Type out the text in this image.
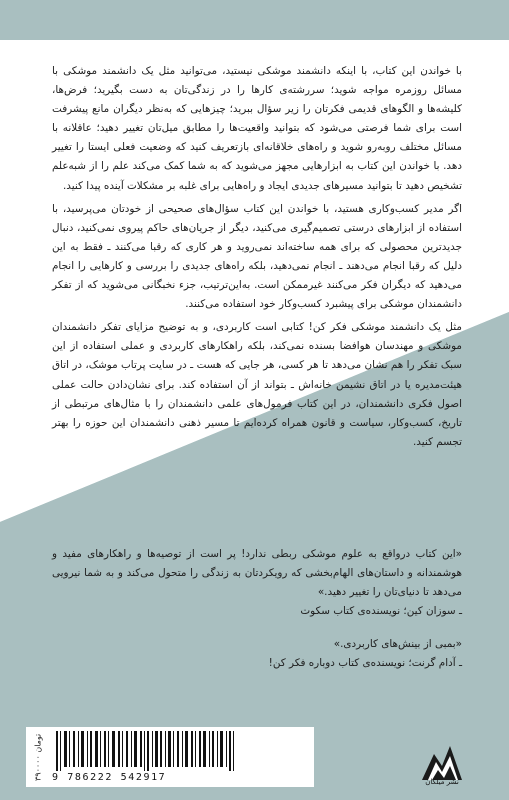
با خواندن این کتاب، با اینکه دانشمند موشکی نیستید، می‌توانید مثل یک دانشمند موشکی با مسائل روزمره مواجه شوید؛ سررشته‌ی کارها را در زندگی‌تان به دست بگیرید؛ فرض‌ها، کلیشه‌ها و الگوهای قدیمی فکرتان را زیر سؤال ببرید؛ چیزهایی که به‌نظر دیگران مانع پیشرفت است برای شما فرصتی می‌شود که بتوانید واقعیت‌ها را مطابق میل‌تان تغییر دهید؛ عاقلانه با مسائل مختلف روبه‌رو شوید و راه‌های خلاقانه‌ای بازتعریف کنید که وضعیت فعلی ایستا را تغییر دهد. با خواندن این کتاب به ابزارهایی مجهز می‌شوید که به شما کمک می‌کند علم را از شبه‌علم تشخیص دهید تا بتوانید مسیرهای جدیدی ایجاد و راه‌هایی برای غلبه بر مشکلات آینده پیدا کنید.

اگر مدیر کسب‌وکاری هستید، با خواندن این کتاب سؤال‌های صحیحی از خودتان می‌پرسید، با استفاده از ابزارهای درستی تصمیم‌گیری می‌کنید، دیگر از جریان‌های حاکم پیروی نمی‌کنید، دنبال جدیدترین محصولی که برای همه ساخته‌اند نمی‌روید و هر کاری که رقبا می‌کنند ـ فقط به این دلیل که رقبا انجام می‌دهند ـ انجام نمی‌دهید، بلکه راه‌های جدیدی را بررسی و کارهایی را انجام می‌دهید که دیگران فکر می‌کنند غیرممکن است. به‌این‌ترتیب، جزء نخبگانی می‌شوید که از تفکر دانشمندان موشکی برای پیشبرد کسب‌وکار خود استفاده می‌کنند.

مثل یک دانشمند موشکی فکر کن! کتابی است کاربردی، و به توضیح مزایای تفکر دانشمندان موشکی و مهندسان هوافضا بسنده نمی‌کند، بلکه راهکارهای کاربردی و عملی استفاده از این سبک تفکر را هم نشان می‌دهد تا هر کسی، هر جایی که هست ـ در سایت پرتاب موشک، در اتاق هیئت‌مدیره یا در اتاق نشیمن خانه‌اش ـ بتواند از آن استفاده کند. برای نشان‌دادن حالت عملی اصول فکری دانشمندان، در این کتاب فرمول‌های علمی دانشمندان را با مثال‌های مرتبطی از تاریخ، کسب‌وکار، سیاست و قانون همراه کرده‌ایم تا مسیر ذهنی دانشمندان این حوزه را بهتر تجسم کنید.

«این کتاب درواقع به علوم موشکی ربطی ندارد! پر است از توصیه‌ها و راهکارهای مفید و هوشمندانه و داستان‌های الهام‌بخشی که رویکردتان به زندگی را متحول می‌کند و به شما نیرویی می‌دهد تا دنیای‌تان را تغییر دهید.»
ـ سوزان کین؛ نویسنده‌ی کتاب سکوت
«بمبی از بینش‌های کاربردی.»
ـ آدام گرنت؛ نویسنده‌ی کتاب دوباره فکر کن!
۳۹۰۰۰۰ تومان
9 786222 542917	نشر میلکان
